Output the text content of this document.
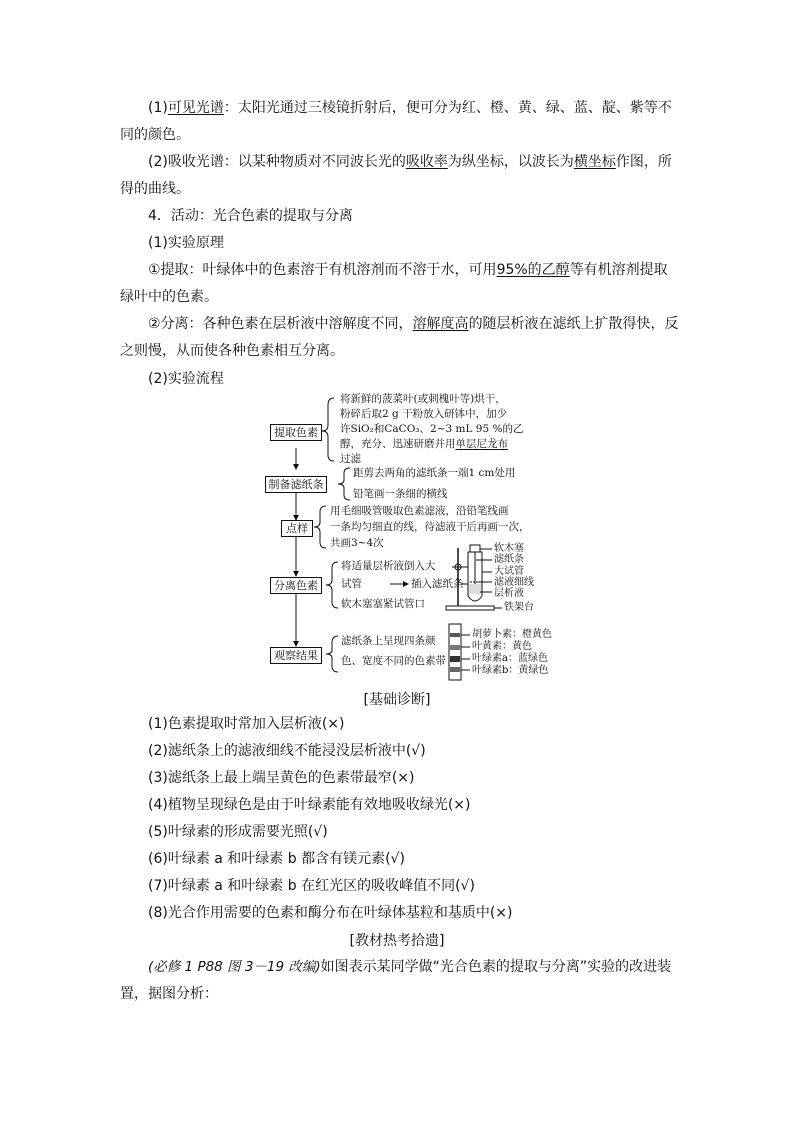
(1)可见光谱：太阳光通过三棱镜折射后，便可分为红、橙、黄、绿、蓝、靛、紫等不
同的颜色。
(2)吸收光谱：以某种物质对不同波长光的吸收率为纵坐标，以波长为横坐标作图，所
得的曲线。
4．活动：光合色素的提取与分离
(1)实验原理
①提取：叶绿体中的色素溶于有机溶剂而不溶于水，可用95%的乙醇等有机溶剂提取
绿叶中的色素。
②分离：各种色素在层析液中溶解度不同，溶解度高的随层析液在滤纸上扩散得快，反
之则慢，从而使各种色素相互分离。
(2)实验流程
提取色素
制备滤纸条
点样
分离色素
观察结果
将新鲜的菠菜叶(或刺槐叶等)烘干，
粉碎后取2 g 干粉放入研钵中，加少
许SiO₂和CaCO₃、2~3 mL 95 %的乙
醇，充分、迅速研磨并用单层尼龙布
过滤
距剪去两角的滤纸条一端1 cm处用
铅笔画一条细的横线
用毛细吸管吸取色素滤液，沿铅笔线画
一条均匀细直的线，待滤液干后再画一次，
共画3~4次
将适量层析液倒入大
试管	插入滤纸条
软木塞塞紧试管口
软木塞
滤纸条
大试管
滤液细线
层析液
铁架台
滤纸条上呈现四条颜
色、宽度不同的色素带
胡萝卜素：橙黄色
叶黄素：黄色
叶绿素a：蓝绿色
叶绿素b：黄绿色
[基础诊断]
(1)色素提取时常加入层析液(×)
(2)滤纸条上的滤液细线不能浸没层析液中(√)
(3)滤纸条上最上端呈黄色的色素带最窄(×)
(4)植物呈现绿色是由于叶绿素能有效地吸收绿光(×)
(5)叶绿素的形成需要光照(√)
(6)叶绿素 a 和叶绿素 b 都含有镁元素(√)
(7)叶绿素 a 和叶绿素 b 在红光区的吸收峰值不同(√)
(8)光合作用需要的色素和酶分布在叶绿体基粒和基质中(×)
[教材热考拾遗]
(必修 1 P88 图 3－19 改编)如图表示某同学做“光合色素的提取与分离”实验的改进装
置，据图分析：
